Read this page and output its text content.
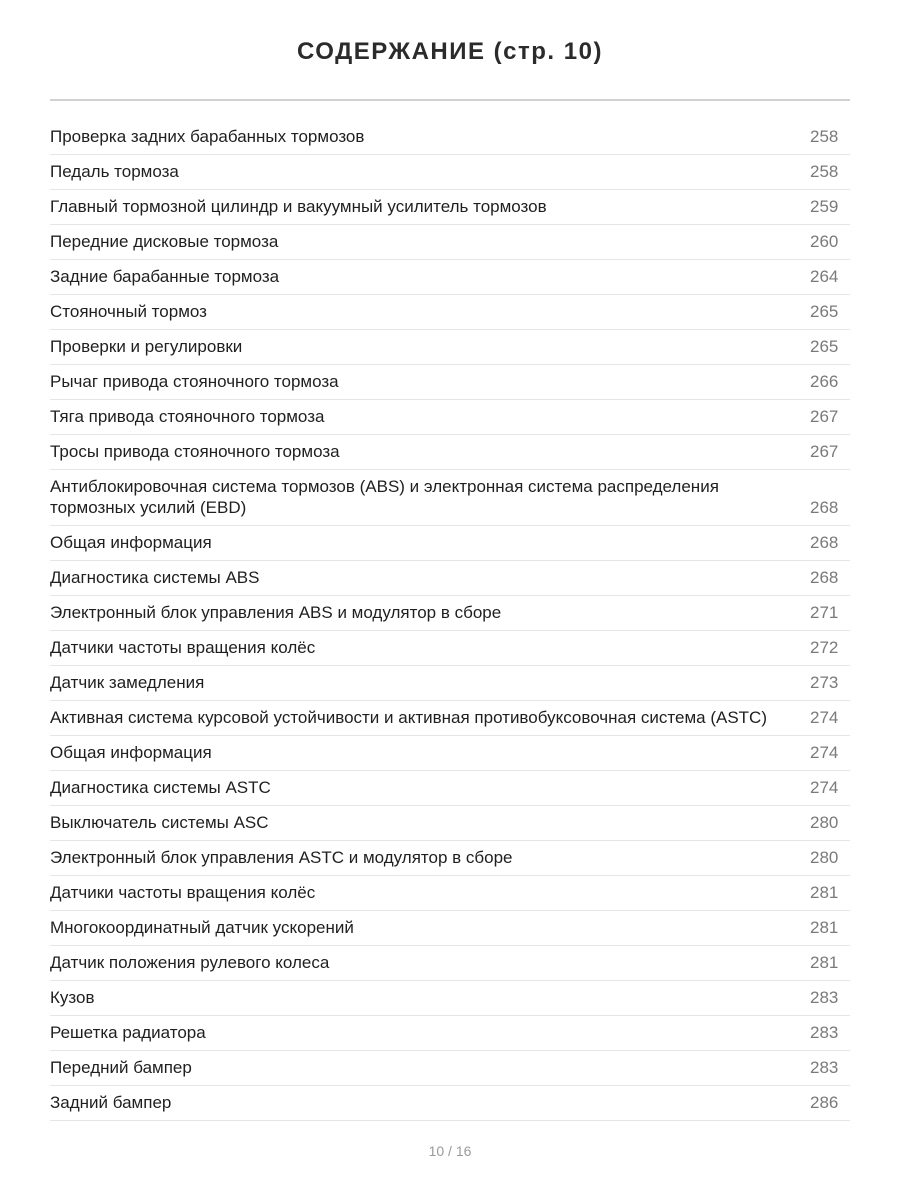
СОДЕРЖАНИЕ (стр. 10)
Проверка задних барабанных тормозов	258
Педаль тормоза	258
Главный тормозной цилиндр и вакуумный усилитель тормозов	259
Передние дисковые тормоза	260
Задние барабанные тормоза	264
Стояночный тормоз	265
Проверки и регулировки	265
Рычаг привода стояночного тормоза	266
Тяга привода стояночного тормоза	267
Тросы привода стояночного тормоза	267
Антиблокировочная система тормозов (ABS) и электронная система распределения тормозных усилий (EBD)	268
Общая информация	268
Диагностика системы ABS	268
Электронный блок управления ABS и модулятор в сборе	271
Датчики частоты вращения колёс	272
Датчик замедления	273
Активная система курсовой устойчивости и активная противобуксовочная система (ASTC)	274
Общая информация	274
Диагностика системы ASTC	274
Выключатель системы ASC	280
Электронный блок управления ASTC и модулятор в сборе	280
Датчики частоты вращения колёс	281
Многокоординатный датчик ускорений	281
Датчик положения рулевого колеса	281
Кузов	283
Решетка радиатора	283
Передний бампер	283
Задний бампер	286
10 / 16
